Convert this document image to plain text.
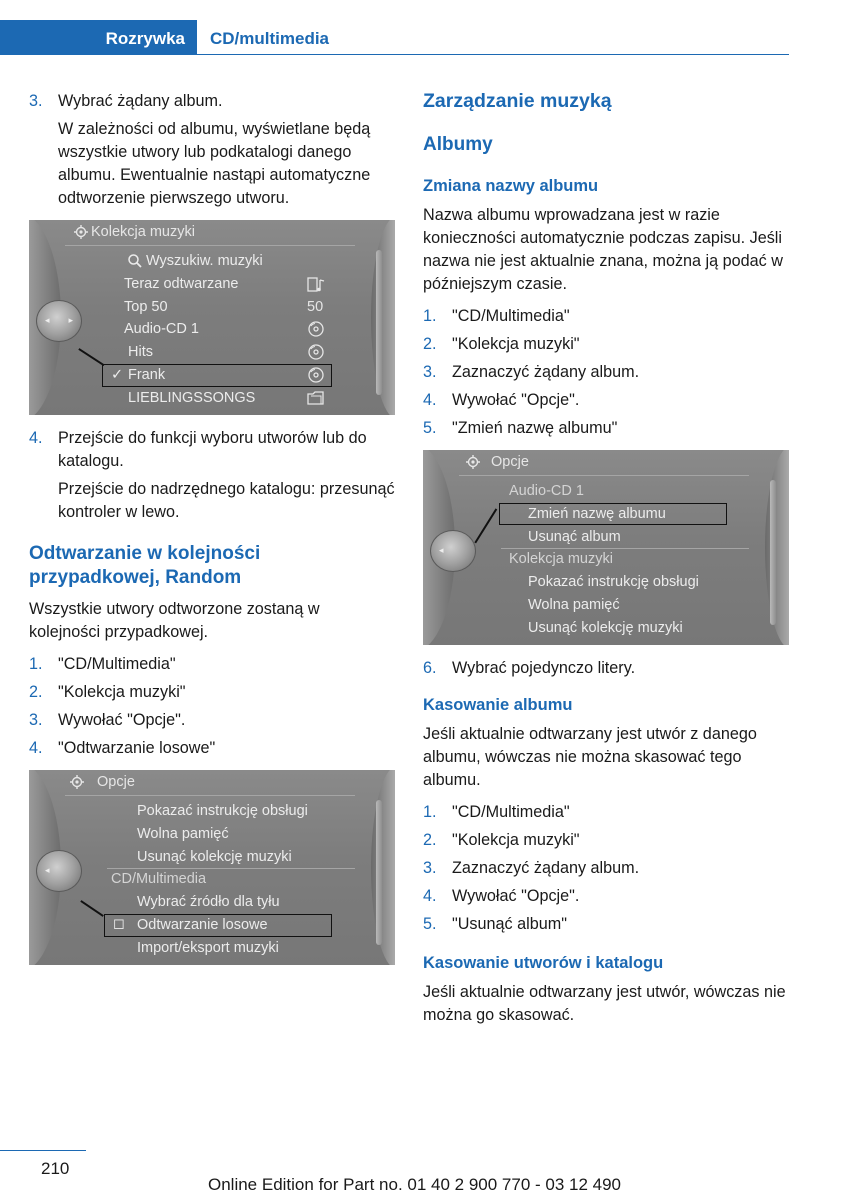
Rozrywka	CD/multimedia
3. Wybrać żądany album.

W zależności od albumu, wyświetlane będą wszystkie utwory lub podkatalogi danego albumu. Ewentualnie nastąpi automatyczne odtworzenie pierwszego utworu.

◂ ▸
Kolekcja muzyki
Wyszukiw. muzyki
Teraz odtwarzane
Top 50
Audio-CD 1
Hits
✓ Frank
LIEBLINGSSONGS
50
4. Przejście do funkcji wyboru utworów lub do katalogu.

Przejście do nadrzędnego katalogu: przesunąć kontroler w lewo.

Odtwarzanie w kolejności przypadkowej, Random

Wszystkie utwory odtworzone zostaną w kolejności przypadkowej.

1. "CD/Multimedia"
2. "Kolekcja muzyki"
3. Wywołać "Opcje".
4. "Odtwarzanie losowe"
◂
Opcje
Pokazać instrukcję obsługi
Wolna pamięć
Usunąć kolekcję muzyki
CD/Multimedia
Wybrać źródło dla tyłu
◻ Odtwarzanie losowe
Import/eksport muzyki
Zarządzanie muzyką
Albumy
Zmiana nazwy albumu

Nazwa albumu wprowadzana jest w razie konieczności automatycznie podczas zapisu. Jeśli nazwa nie jest aktualnie znana, można ją podać w późniejszym czasie.

1. "CD/Multimedia"
2. "Kolekcja muzyki"
3. Zaznaczyć żądany album.
4. Wywołać "Opcje".
5. "Zmień nazwę albumu"
◂
Opcje
Audio-CD 1
Zmień nazwę albumu
Usunąć album
Kolekcja muzyki
Pokazać instrukcję obsługi
Wolna pamięć
Usunąć kolekcję muzyki
6. Wybrać pojedynczo litery.
Kasowanie albumu

Jeśli aktualnie odtwarzany jest utwór z danego albumu, wówczas nie można skasować tego albumu.

1. "CD/Multimedia"
2. "Kolekcja muzyki"
3. Zaznaczyć żądany album.
4. Wywołać "Opcje".
5. "Usunąć album"
Kasowanie utworów i katalogu

Jeśli aktualnie odtwarzany jest utwór, wówczas nie można go skasować.

210
Online Edition for Part no. 01 40 2 900 770 - 03 12 490
